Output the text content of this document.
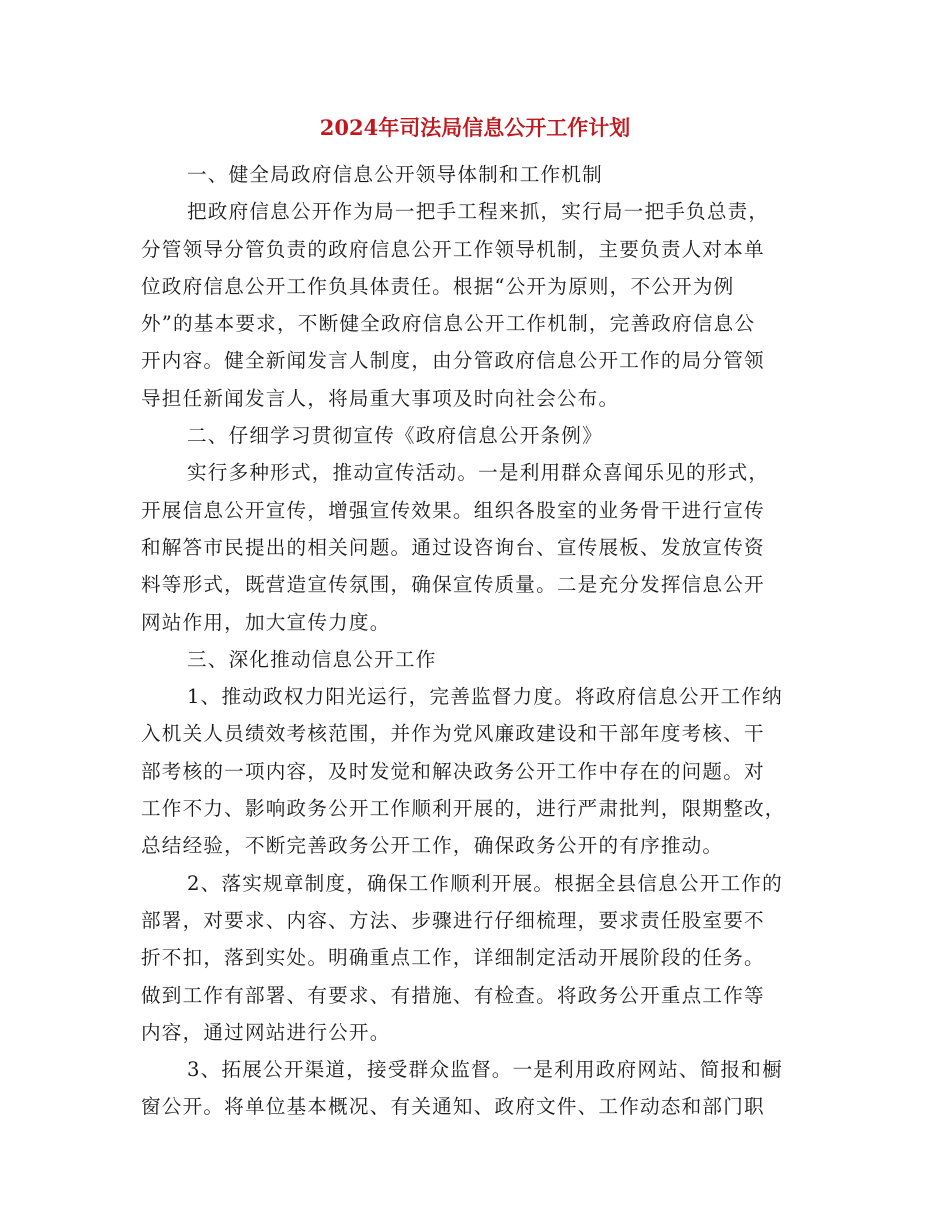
2024年司法局信息公开工作计划
一、健全局政府信息公开领导体制和工作机制
把政府信息公开作为局一把手工程来抓，实行局一把手负总责，
分管领导分管负责的政府信息公开工作领导机制，主要负责人对本单
位政府信息公开工作负具体责任。根据“公开为原则，不公开为例
外”的基本要求，不断健全政府信息公开工作机制，完善政府信息公
开内容。健全新闻发言人制度，由分管政府信息公开工作的局分管领
导担任新闻发言人，将局重大事项及时向社会公布。
二、仔细学习贯彻宣传《政府信息公开条例》
实行多种形式，推动宣传活动。一是利用群众喜闻乐见的形式，
开展信息公开宣传，增强宣传效果。组织各股室的业务骨干进行宣传
和解答市民提出的相关问题。通过设咨询台、宣传展板、发放宣传资
料等形式，既营造宣传氛围，确保宣传质量。二是充分发挥信息公开
网站作用，加大宣传力度。
三、深化推动信息公开工作
1、推动政权力阳光运行，完善监督力度。将政府信息公开工作纳
入机关人员绩效考核范围，并作为党风廉政建设和干部年度考核、干
部考核的一项内容，及时发觉和解决政务公开工作中存在的问题。对
工作不力、影响政务公开工作顺利开展的，进行严肃批判，限期整改，
总结经验，不断完善政务公开工作，确保政务公开的有序推动。
2、落实规章制度，确保工作顺利开展。根据全县信息公开工作的
部署，对要求、内容、方法、步骤进行仔细梳理，要求责任股室要不
折不扣，落到实处。明确重点工作，详细制定活动开展阶段的任务。
做到工作有部署、有要求、有措施、有检查。将政务公开重点工作等
内容，通过网站进行公开。
3、拓展公开渠道，接受群众监督。一是利用政府网站、简报和橱
窗公开。将单位基本概况、有关通知、政府文件、工作动态和部门职
